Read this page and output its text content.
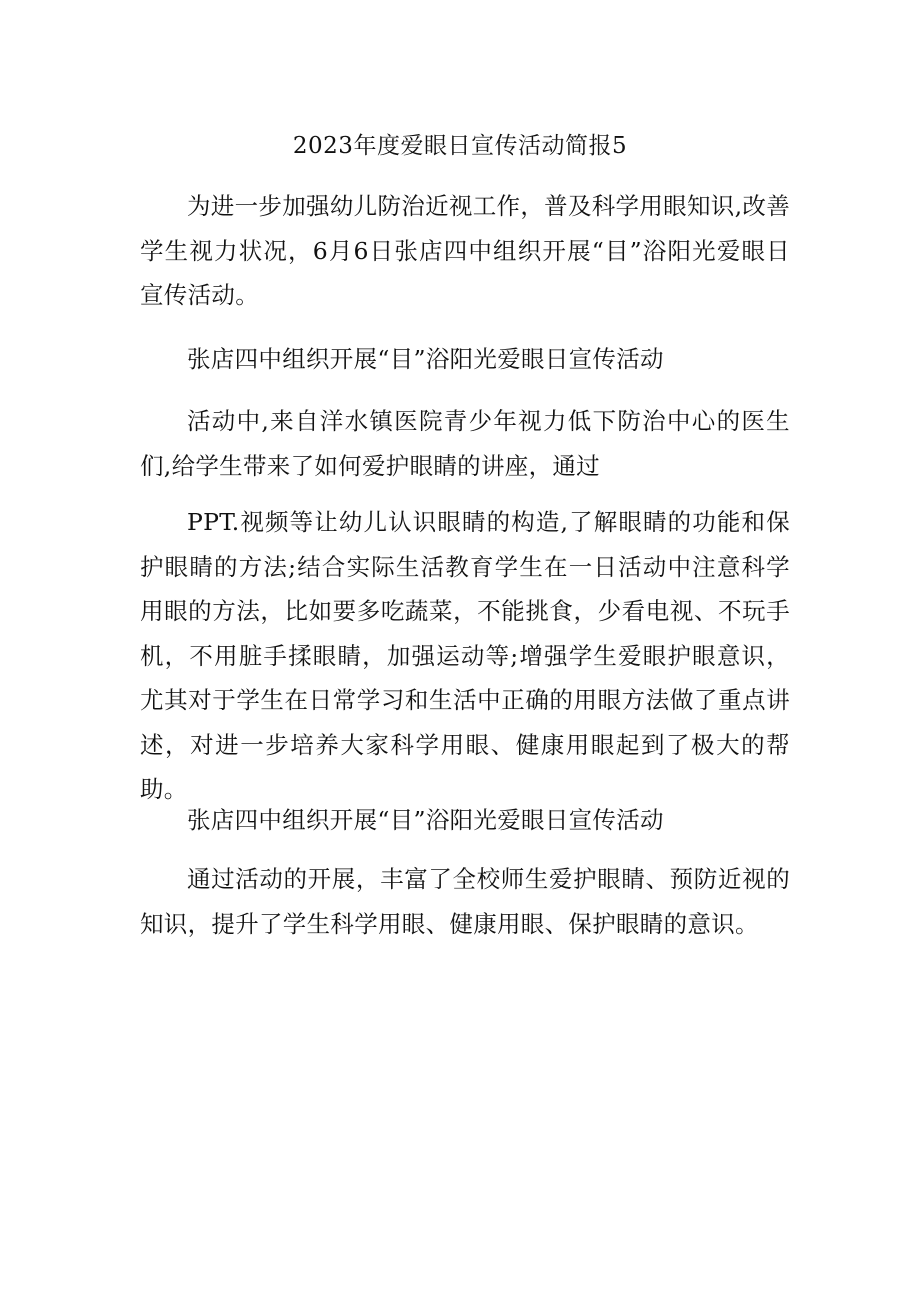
2023年度爱眼日宣传活动简报5

为进一步加强幼儿防治近视工作，普及科学用眼知识,改善学生视力状况，6月6日张店四中组织开展“目”浴阳光爱眼日宣传活动。

张店四中组织开展“目”浴阳光爱眼日宣传活动

活动中,来自洋水镇医院青少年视力低下防治中心的医生们,给学生带来了如何爱护眼睛的讲座，通过

PPT.视频等让幼儿认识眼睛的构造,了解眼睛的功能和保护眼睛的方法;结合实际生活教育学生在一日活动中注意科学用眼的方法，比如要多吃蔬菜，不能挑食，少看电视、不玩手机，不用脏手揉眼睛，加强运动等;增强学生爱眼护眼意识，尤其对于学生在日常学习和生活中正确的用眼方法做了重点讲述，对进一步培养大家科学用眼、健康用眼起到了极大的帮助。

张店四中组织开展“目”浴阳光爱眼日宣传活动

通过活动的开展，丰富了全校师生爱护眼睛、预防近视的知识，提升了学生科学用眼、健康用眼、保护眼睛的意识。
